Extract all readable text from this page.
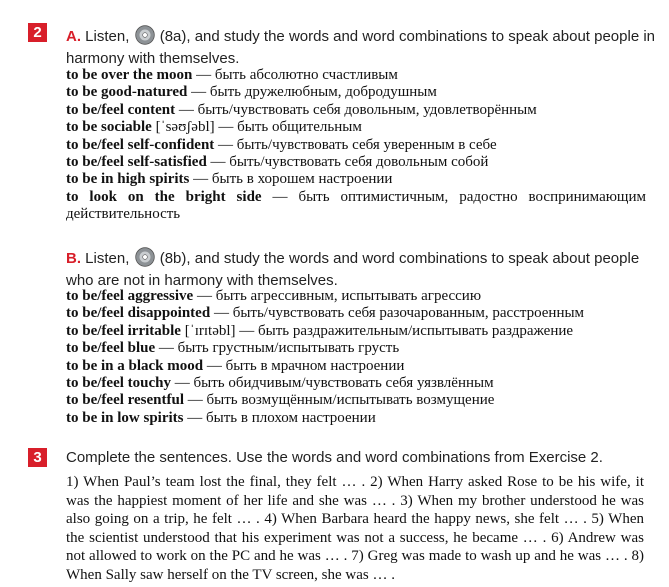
2	A. Listen,  (8a), and study the words and word combinations to speak about people in harmony with themselves.
to be over the moon — быть абсолютно счастливым
to be good-natured — быть дружелюбным, добродушным
to be/feel content — быть/чувствовать себя довольным, удовлетворённым
to be sociable [ˈsəʊʃəbl] — быть общительным
to be/feel self-confident — быть/чувствовать себя уверенным в себе
to be/feel self-satisfied — быть/чувствовать себя довольным собой
to be in high spirits — быть в хорошем настроении
to look on the bright side — быть оптимистичным, радостно воспринимающим действительность
B. Listen,  (8b), and study the words and word combinations to speak about people who are not in harmony with themselves.
to be/feel aggressive — быть агрессивным, испытывать агрессию
to be/feel disappointed — быть/чувствовать себя разочарованным, расстроенным
to be/feel irritable [ˈɪrɪtəbl] — быть раздражительным/испытывать раздражение
to be/feel blue — быть грустным/испытывать грусть
to be in a black mood — быть в мрачном настроении
to be/feel touchy — быть обидчивым/чувствовать себя уязвлённым
to be/feel resentful — быть возмущённым/испытывать возмущение
to be in low spirits — быть в плохом настроении
3	Complete the sentences. Use the words and word combinations from Exercise 2.
1) When Paul’s team lost the final, they felt … . 2) When Harry asked Rose to be his wife, it was the happiest moment of her life and she was … . 3) When my brother understood he was also going on a trip, he felt … . 4) When Barbara heard the happy news, she felt … . 5) When the scientist understood that his experiment was not a success, he became … . 6) Andrew was not allowed to work on the PC and he was … . 7) Greg was made to wash up and he was … . 8) When Sally saw herself on the TV screen, she was … .
